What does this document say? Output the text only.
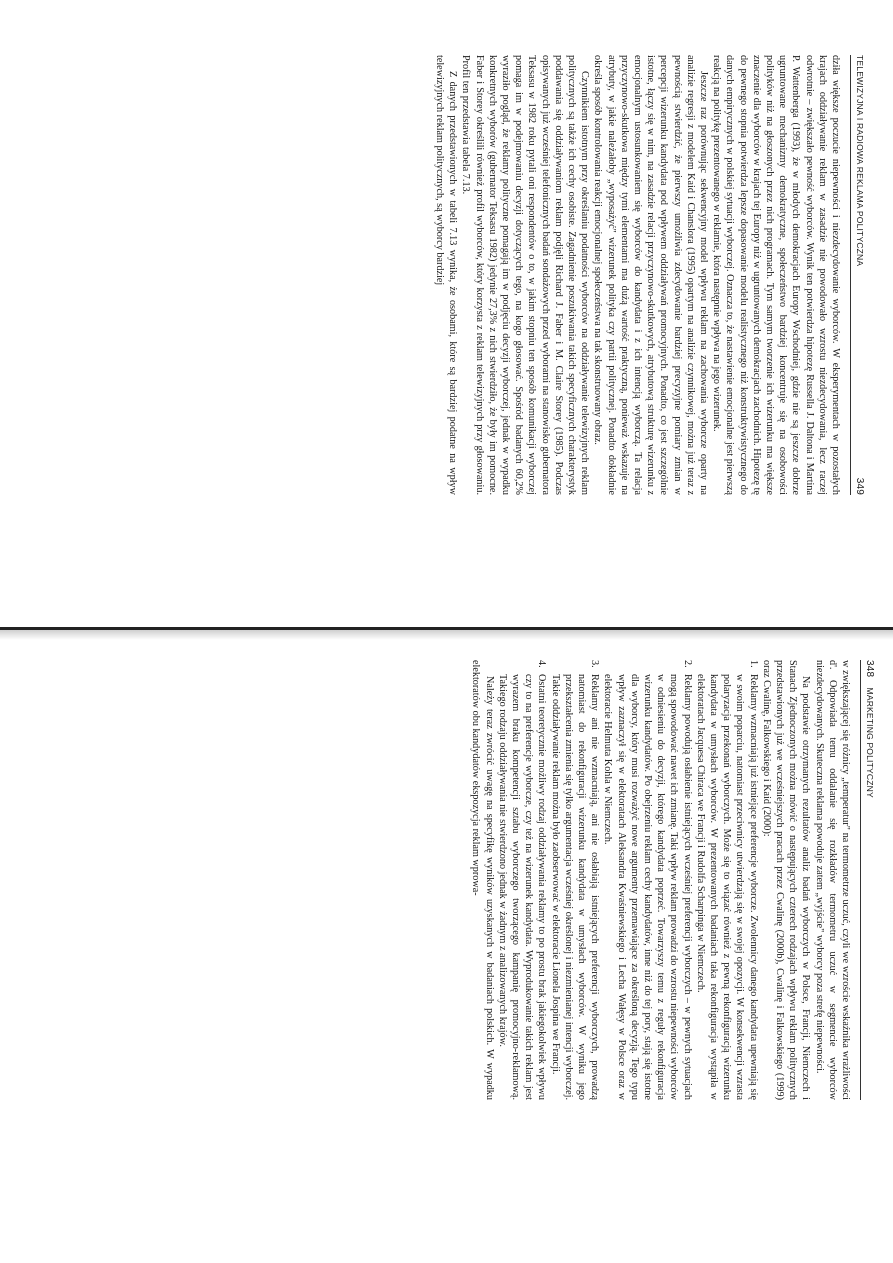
TELEWIZYJNA I RADIOWA REKLAMA POLITYCZNA
349

dziła większe poczucie niepewności i niezdecydowanie wyborców. W eksperymentach w pozostałych krajach oddziaływanie reklam w zasadzie nie powodowało wzrostu niezdecydowania, lecz raczej odwrotnie – zwiększało pewność wyborców. Wynik ten potwierdza hipotezę Russella J. Daltona i Martina P. Wattenberga (1993), że w młodych demokracjach Europy Wschodniej, gdzie nie są jeszcze dobrze ugruntowane mechanizmy demokratyczne, społeczeństwo bardziej koncentruje się na osobowości polityków niż na głoszonych przez nich programach. Tym samym tworzenie ich wizerunku ma większe znaczenie dla wyborców w krajach tej Europy niż w ugruntowanych demokracjach zachodnich. Hipotezę tę do pewnego stopnia potwierdza lepsze dopasowanie modelu realistycznego niż konstruktywistycznego do danych empirycznych w polskiej sytuacji wyborczej. Oznacza to, że nastawienie emocjonalne jest pierwszą reakcją na politykę prezentowanego w reklamie, która następnie wpływa na jego wizerunek.

Jeszcze raz porównując sekwencyjny model wpływu reklam na zachowania wyborcze oparty na analizie regresji z modelem Kaid i Chanslora (1995) opartym na analizie czynnikowej, można już teraz z pewnością stwierdzić, że pierwszy umożliwia zdecydowanie bardziej precyzyjne pomiary zmian w percepcji wizerunku kandydata pod wpływem oddziaływań promocyjnych. Ponadto, co jest szczególnie istotne, łączy się w nim, na zasadzie relacji przyczynowo-skutkowych, atrybutową strukturę wizerunku z emocjonalnym ustosunkowaniem się wyborców do kandydata i z ich intencją wyborczą. Ta relacja przyczynowo-skutkowa między tymi elementami ma dużą wartość praktyczną, ponieważ wskazuje na atrybuty, w jakie należałoby „wyposażyć" wizerunek polityka czy partii politycznej. Ponadto dokładnie określa sposób kontrolowania reakcji emocjonalnej społeczeństwa na tak skonstruowany obraz.

Czynnikiem istotnym przy określaniu podatności wyborców na oddziaływanie telewizyjnych reklam politycznych są także ich cechy osobiste. Zagadnienie poszukiwania takich specyficznych charakterystyk poddawania się oddziaływaniom reklam podjęli Richard J. Faber i M. Claire Storey (1985). Podczas opisywanych już wcześniej telefonicznych badań sondażowych przed wyborami na stanowisko gubernatora Teksasu w 1982 roku pytali oni respondentów o to, w jakim stopniu ten sposób komunikacji wyborczej pomaga im w podejmowaniu decyzji dotyczących tego, na kogo głosować. Spośród badanych 60,2% wyraziło pogląd, że reklamy polityczne pomagają im w podjęciu decyzji wyborczej, jednak w wypadku konkretnych wyborów (gubernator Teksasu 1982) jedynie 27,3% z nich stwierdziło, że były im pomocne. Faber i Storey określili również profil wyborców, który korzysta z reklam telewizyjnych przy głosowaniu. Profil ten przedstawia tabela 7.13.

Z danych przedstawionych w tabeli 7.13 wynika, że osobami, które są bardziej podatne na wpływ telewizyjnych reklam politycznych, są wyborcy bardziej

348    MARKETING POLITYCZNY

w zwiększającej się różnicy „temperatur" na termometrze uczuć, czyli we wzroście wskaźnika wrażliwości d'. Odpowiada temu oddalanie się rozkładów termometru uczuć w segmencie wyborców niezdecydowanych. Skuteczna reklama powoduje zatem „wyjście" wyborcy poza strefę niepewności.

Na podstawie otrzymanych rezultatów analiz badań wyborczych w Polsce, Francji, Niemczech i Stanach Zjednoczonych można mówić o następujących czterech rodzajach wpływu reklam politycznych przedstawionych już we wcześniejszych pracach przez Cwalinę (2000b), Cwalinę i Falkowskiego (1999) oraz Cwalinę, Falkowskiego i Kaid (2000):

1.
Reklamy wzmacniają już istniejące preferencje wyborcze. Zwolennicy danego kandydata upewniają się w swoim poparciu, natomiast przeciwnicy utwierdzają się w swojej opozycji. W konsekwencji wzrasta polaryzacja przekonań wyborczych. Może się to wiązać również z pewną rekonfiguracją wizerunku kandydata w umysłach wyborców. W prezentowanych badaniach taka rekonfiguracja wystąpiła w elektoratach Jacquesa Chiraca we Francji i Rudolfa Scharpinga w Niemczech.
2.
Reklamy powodują osłabienie istniejących wcześniej preferencji wyborczych – w pewnych sytuacjach mogą spowodować nawet ich zmianę. Taki wpływ reklam prowadzi do wzrostu niepewności wyborców w odniesieniu do decyzji, którego kandydata poprzeć. Towarzyszy temu z reguły rekonfiguracja wizerunku kandydatów. Po obejrzeniu reklam cechy kandydatów, inne niż do tej pory, stają się istotne dla wyborcy, który musi rozważyć nowe argumenty przemawiające za określoną decyzją. Tego typu wpływ zaznaczył się w elektoratach Aleksandra Kwaśniewskiego i Lecha Wałęsy w Polsce oraz w elektoracie Helmuta Kohla w Niemczech.
3.
Reklamy ani nie wzmacniają, ani nie osłabiają istniejących preferencji wyborczych, prowadzą natomiast do rekonfiguracji wizerunku kandydata w umysłach wyborców. W wyniku jego przekształcenia zmienia się tylko argumentacja wcześniej określonej i niezmienianej intencji wyborczej. Takie oddziaływanie reklam można było zaobserwować w elektoracie Lionela Jospina we Francji.
4.
Ostatni teoretycznie możliwy rodzaj oddziaływania reklamy to po prostu brak jakiegokolwiek wpływu czy to na preferencje wyborcze, czy też na wizerunek kandydata. Wyprodukowanie takich reklam jest wyrazem braku kompetencji sztabu wyborczego tworzącego kampanię promocyjno-reklamową. Takiego rodzaju oddziaływania nie stwierdzono jednak w żadnym z analizowanych krajów.

Należy teraz zwrócić uwagę na specyfikę wyników uzyskanych w badaniach polskich. W wypadku elektoratów obu kandydatów ekspozycja reklam wprowa-
